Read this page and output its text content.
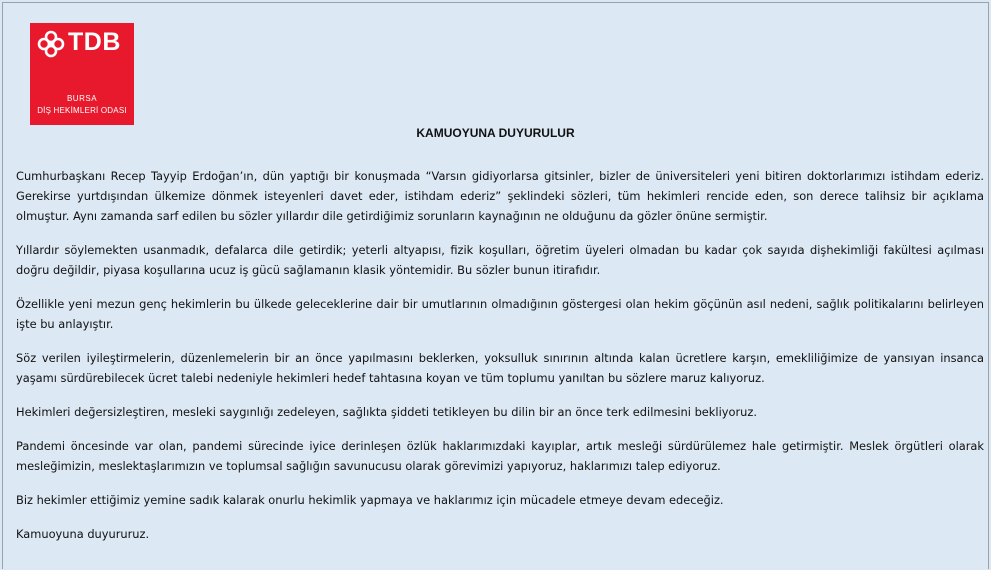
TDB
BURSA
DİŞ HEKİMLERİ ODASI
KAMUOYUNA DUYURULUR

Cumhurbaşkanı Recep Tayyip Erdoğan’ın, dün yaptığı bir konuşmada “Varsın gidiyorlarsa gitsinler, bizler de üniversiteleri yeni bitiren doktorlarımızı istihdam ederiz. Gerekirse yurtdışından ülkemize dönmek isteyenleri davet eder, istihdam ederiz” şeklindeki sözleri, tüm hekimleri rencide eden, son derece talihsiz bir açıklama olmuştur. Aynı zamanda sarf edilen bu sözler yıllardır dile getirdiğimiz sorunların kaynağının ne olduğunu da gözler önüne sermiştir.

Yıllardır söylemekten usanmadık, defalarca dile getirdik; yeterli altyapısı, fizik koşulları, öğretim üyeleri olmadan bu kadar çok sayıda dişhekimliği fakültesi açılması doğru değildir, piyasa koşullarına ucuz iş gücü sağlamanın klasik yöntemidir. Bu sözler bunun itirafıdır.

Özellikle yeni mezun genç hekimlerin bu ülkede geleceklerine dair bir umutlarının olmadığının göstergesi olan hekim göçünün asıl nedeni, sağlık politikalarını belirleyen işte bu anlayıştır.

Söz verilen iyileştirmelerin, düzenlemelerin bir an önce yapılmasını beklerken, yoksulluk sınırının altında kalan ücretlere karşın, emekliliğimize de yansıyan insanca yaşamı sürdürebilecek ücret talebi nedeniyle hekimleri hedef tahtasına koyan ve tüm toplumu yanıltan bu sözlere maruz kalıyoruz.

Hekimleri değersizleştiren, mesleki saygınlığı zedeleyen, sağlıkta şiddeti tetikleyen bu dilin bir an önce terk edilmesini bekliyoruz.

Pandemi öncesinde var olan, pandemi sürecinde iyice derinleşen özlük haklarımızdaki kayıplar, artık mesleği sürdürülemez hale getirmiştir. Meslek örgütleri olarak mesleğimizin, meslektaşlarımızın ve toplumsal sağlığın savunucusu olarak görevimizi yapıyoruz, haklarımızı talep ediyoruz.

Biz hekimler ettiğimiz yemine sadık kalarak onurlu hekimlik yapmaya ve haklarımız için mücadele etmeye devam edeceğiz.

Kamuoyuna duyururuz.
